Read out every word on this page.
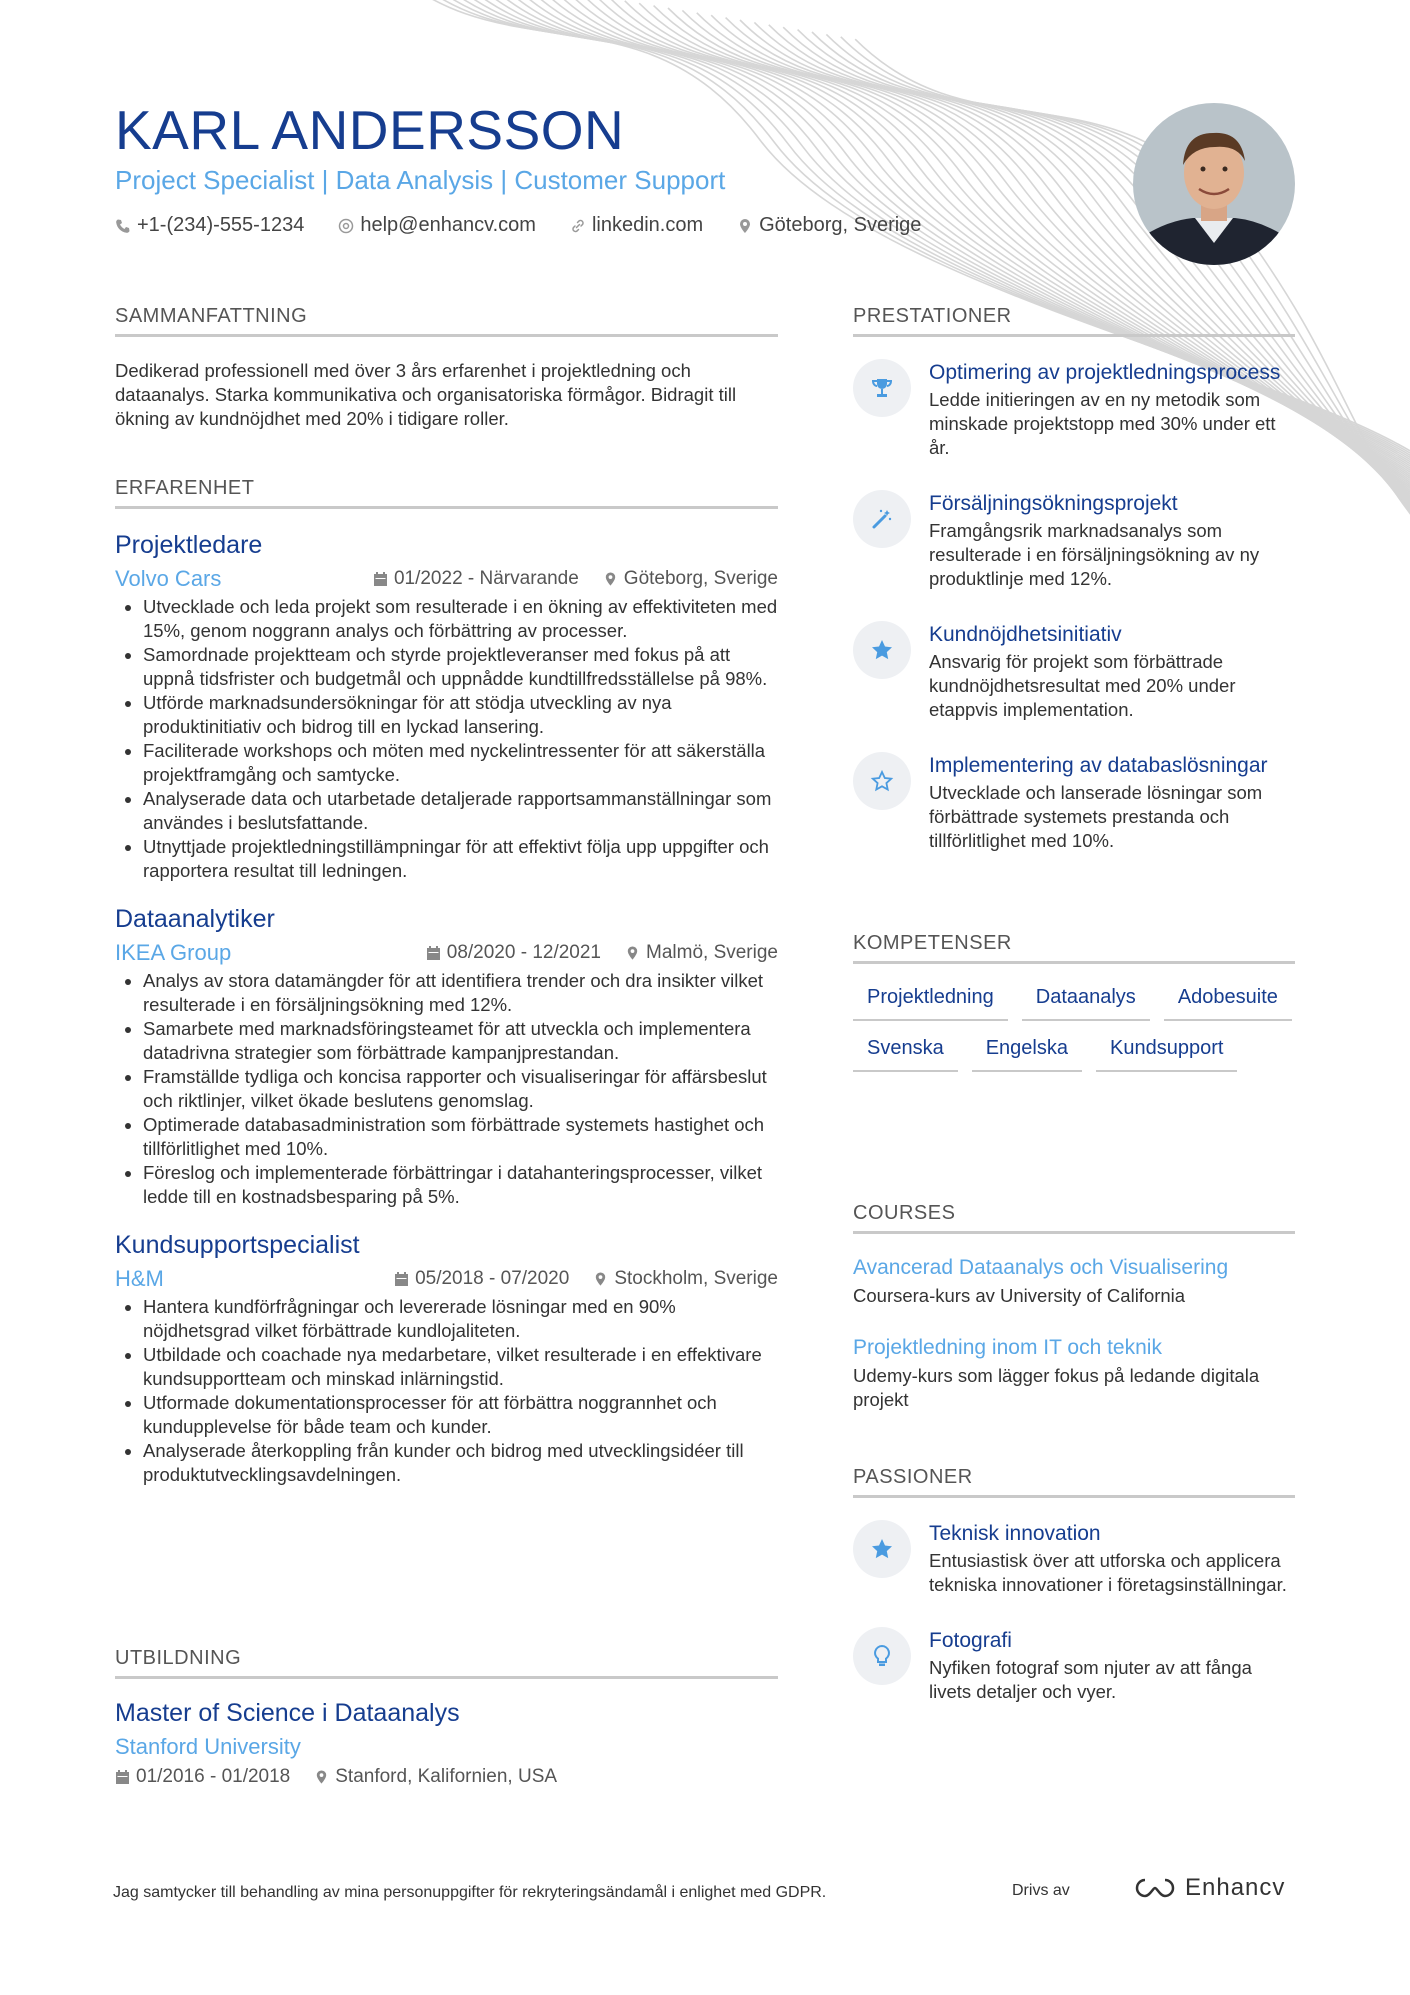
KARL ANDERSSON
Project Specialist | Data Analysis | Customer Support
+1-(234)-555-1234	help@enhancv.com	linkedin.com	Göteborg, Sverige
SAMMANFATTNING
Dedikerad professionell med över 3 års erfarenhet i projektledning och dataanalys. Starka kommunikativa och organisatoriska förmågor. Bidragit till ökning av kundnöjdhet med 20% i tidigare roller.
ERFARENHET
Projektledare
Volvo Cars	01/2022 - Närvarande Göteborg, Sverige
• Utvecklade och leda projekt som resulterade i en ökning av effektiviteten med 15%, genom noggrann analys och förbättring av processer.
• Samordnade projektteam och styrde projektleveranser med fokus på att uppnå tidsfrister och budgetmål och uppnådde kundtillfredsställelse på 98%.
• Utförde marknadsundersökningar för att stödja utveckling av nya produktinitiativ och bidrog till en lyckad lansering.
• Faciliterade workshops och möten med nyckelintressenter för att säkerställa projektframgång och samtycke.
• Analyserade data och utarbetade detaljerade rapportsammanställningar som användes i beslutsfattande.
• Utnyttjade projektledningstillämpningar för att effektivt följa upp uppgifter och rapportera resultat till ledningen.
Dataanalytiker
IKEA Group	08/2020 - 12/2021 Malmö, Sverige
• Analys av stora datamängder för att identifiera trender och dra insikter vilket resulterade i en försäljningsökning med 12%.
• Samarbete med marknadsföringsteamet för att utveckla och implementera datadrivna strategier som förbättrade kampanjprestandan.
• Framställde tydliga och koncisa rapporter och visualiseringar för affärsbeslut och riktlinjer, vilket ökade beslutens genomslag.
• Optimerade databasadministration som förbättrade systemets hastighet och tillförlitlighet med 10%.
• Föreslog och implementerade förbättringar i datahanteringsprocesser, vilket ledde till en kostnadsbesparing på 5%.
Kundsupportspecialist
H&M	05/2018 - 07/2020 Stockholm, Sverige
• Hantera kundförfrågningar och levererade lösningar med en 90% nöjdhetsgrad vilket förbättrade kundlojaliteten.
• Utbildade och coachade nya medarbetare, vilket resulterade i en effektivare kundsupportteam och minskad inlärningstid.
• Utformade dokumentationsprocesser för att förbättra noggrannhet och kundupplevelse för både team och kunder.
• Analyserade återkoppling från kunder och bidrog med utvecklingsidéer till produktutvecklingsavdelningen.
UTBILDNING
Master of Science i Dataanalys
Stanford University
01/2016 - 01/2018 Stanford, Kalifornien, USA
PRESTATIONER
Optimering av projektledningsprocess
Ledde initieringen av en ny metodik som minskade projektstopp med 30% under ett år.
Försäljningsökningsprojekt
Framgångsrik marknadsanalys som resulterade i en försäljningsökning av ny produktlinje med 12%.
Kundnöjdhetsinitiativ
Ansvarig för projekt som förbättrade kundnöjdhetsresultat med 20% under etappvis implementation.
Implementering av databaslösningar
Utvecklade och lanserade lösningar som förbättrade systemets prestanda och tillförlitlighet med 10%.
KOMPETENSER
Projektledning	Dataanalys	Adobesuite
Svenska	Engelska	Kundsupport
COURSES
Avancerad Dataanalys och Visualisering
Coursera-kurs av University of California
Projektledning inom IT och teknik
Udemy-kurs som lägger fokus på ledande digitala projekt
PASSIONER
Teknisk innovation
Entusiastisk över att utforska och applicera tekniska innovationer i företagsinställningar.
Fotografi
Nyfiken fotograf som njuter av att fånga livets detaljer och vyer.
Jag samtycker till behandling av mina personuppgifter för rekryteringsändamål i enlighet med GDPR.	Drivs av	Enhancv
